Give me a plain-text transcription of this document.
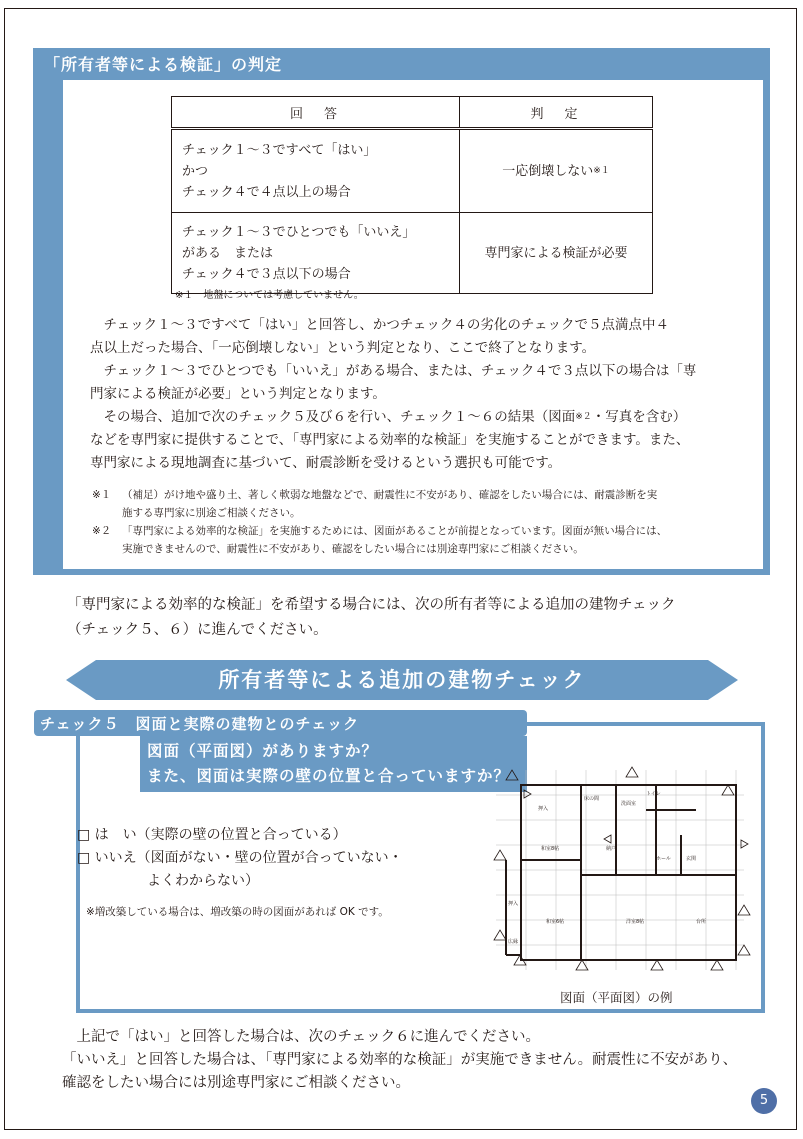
「所有者等による検証」の判定
回　答	判　定

チェック１～３ですべて「はい」
かつ
チェック４で４点以上の場合	一応倒壊しない$^{※1}$

チェック１～３でひとつでも「いいえ」
がある　または
チェック４で３点以下の場合	専門家による検証が必要
※１　地盤については考慮していません。
　チェック１～３ですべて「はい」と回答し、かつチェック４の劣化のチェックで５点満点中４
点以上だった場合、「一応倒壊しない」という判定となり、ここで終了となります。
　チェック１～３でひとつでも「いいえ」がある場合、または、チェック４で３点以下の場合は「専
門家による検証が必要」という判定となります。
　その場合、追加で次のチェック５及び６を行い、チェック１～６の結果（図面$^{※2}$・写真を含む）
などを専門家に提供することで、「専門家による効率的な検証」を実施することができます。また、
専門家による現地調査に基づいて、耐震診断を受けるという選択も可能です。
※１ （補足）がけ地や盛り土、著しく軟弱な地盤などで、耐震性に不安があり、確認をしたい場合には、耐震診断を実
施する専門家に別途ご相談ください。
※２ 「専門家による効率的な検証」を実施するためには、図面があることが前提となっています。図面が無い場合には、
実施できませんので、耐震性に不安があり、確認をしたい場合には別途専門家にご相談ください。
「専門家による効率的な検証」を希望する場合には、次の所有者等による追加の建物チェック
（チェック５、６）に進んでください。
所有者等による追加の建物チェック
チェック５　図面と実際の建物とのチェック
図面（平面図）がありますか？
また、図面は実際の壁の位置と合っていますか？
□ は　い（実際の壁の位置と合っている）
□ いいえ（図面がない・壁の位置が合っていない・
　　　　　よくわからない）
※増改築している場合は、増改築の時の図面があれば OK です。
押入
押入
床の間
洗面室
トイレ
和室8帖	納戸
ホール	玄関
和室6帖	洋室8帖	台所
広縁
図面（平面図）の例
　上記で「はい」と回答した場合は、次のチェック６に進んでください。
「いいえ」と回答した場合は、「専門家による効率的な検証」が実施できません。耐震性に不安があり、
確認をしたい場合には別途専門家にご相談ください。
5
